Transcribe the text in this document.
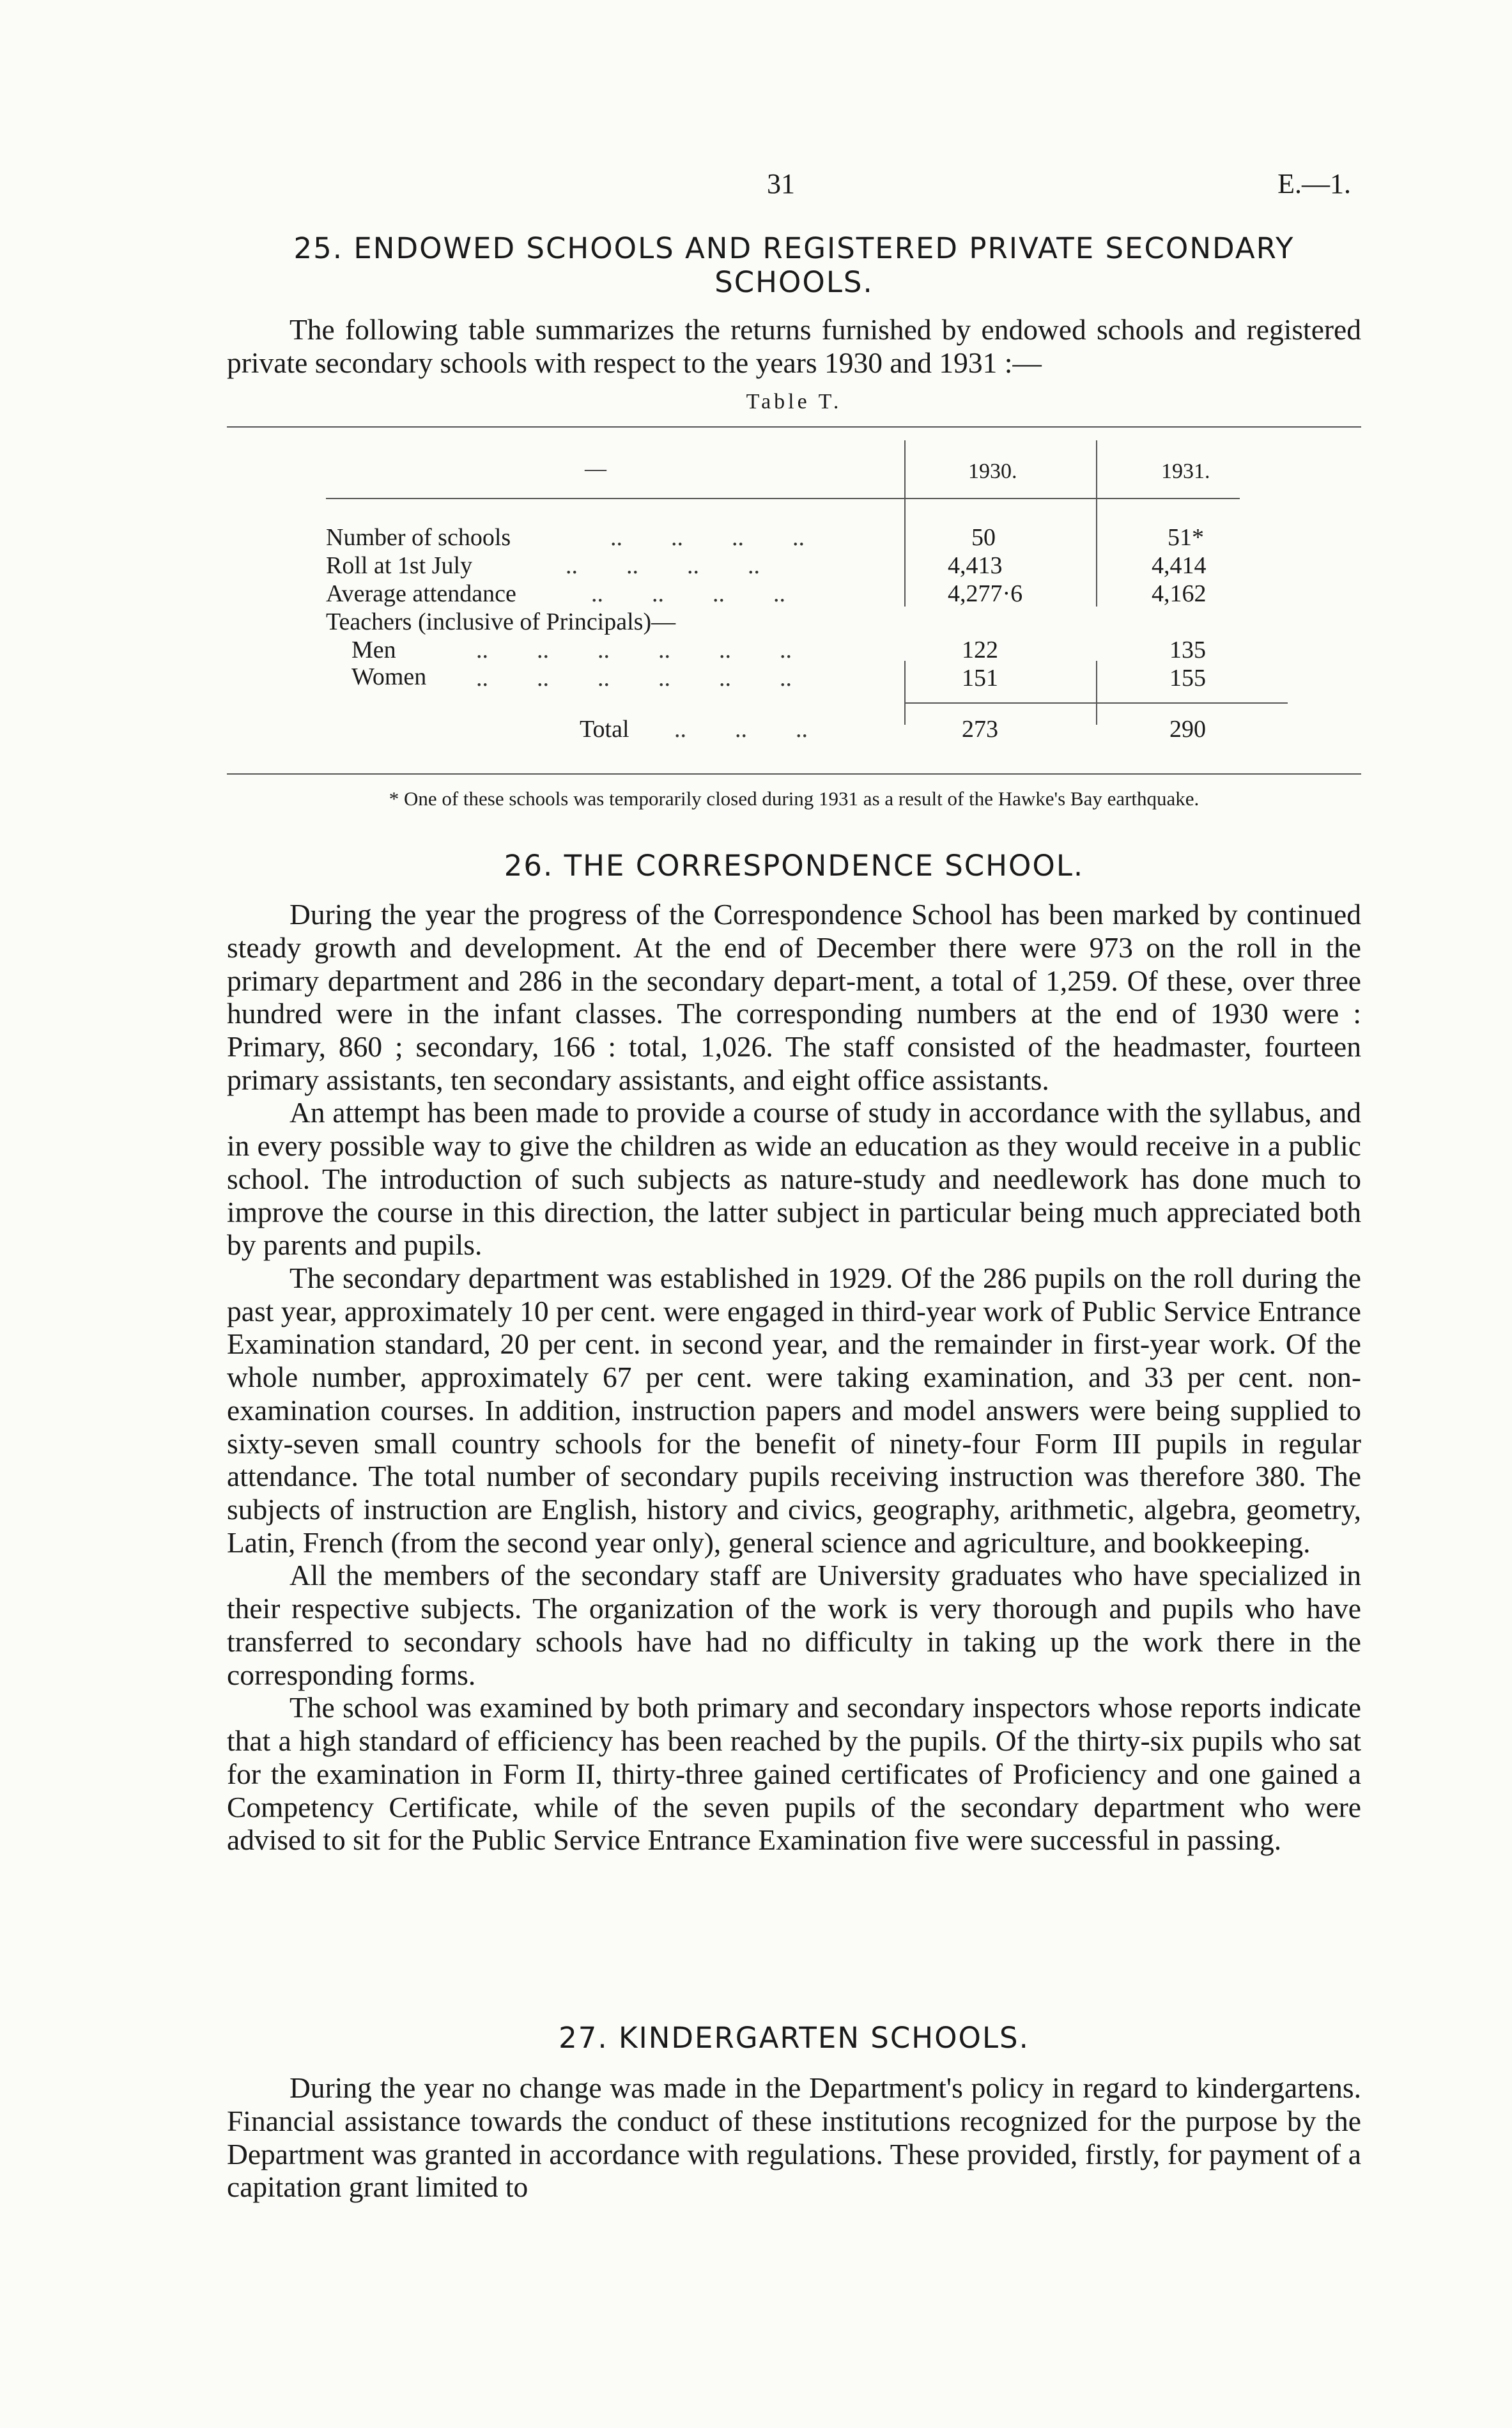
31	E.—1.

25. ENDOWED SCHOOLS AND REGISTERED PRIVATE SECONDARY
SCHOOLS.

The following table summarizes the returns furnished by endowed schools and registered private secondary schools with respect to the years 1930 and 1931 :—

Table T.
—	1930.	1931.
Number of schools	..        ..        ..        ..	50	51*
Roll at 1st July	..        ..        ..        ..	4,413	4,414
Average attendance	..        ..        ..        ..	4,277·6	4,162
Teachers (inclusive of Principals)—
Men	..        ..        ..        ..        ..        ..	122	135
Women ..        ..        ..        ..        ..        ..	151	155
Total ..        ..        ..	273	290
* One of these schools was temporarily closed during 1931 as a result of the Hawke's Bay earthquake.

26. THE CORRESPONDENCE SCHOOL.

During the year the progress of the Correspondence School has been marked by continued steady growth and development. At the end of December there were 973 on the roll in the primary department and 286 in the secondary depart-ment, a total of 1,259. Of these, over three hundred were in the infant classes. The corresponding numbers at the end of 1930 were : Primary, 860 ; secondary, 166 : total, 1,026. The staff consisted of the headmaster, fourteen primary assistants, ten secondary assistants, and eight office assistants.

An attempt has been made to provide a course of study in accordance with the syllabus, and in every possible way to give the children as wide an education as they would receive in a public school. The introduction of such subjects as nature-study and needlework has done much to improve the course in this direction, the latter subject in particular being much appreciated both by parents and pupils.

The secondary department was established in 1929. Of the 286 pupils on the roll during the past year, approximately 10 per cent. were engaged in third-year work of Public Service Entrance Examination standard, 20 per cent. in second year, and the remainder in first-year work. Of the whole number, approximately 67 per cent. were taking examination, and 33 per cent. non-examination courses. In addition, instruction papers and model answers were being supplied to sixty-seven small country schools for the benefit of ninety-four Form III pupils in regular attendance. The total number of secondary pupils receiving instruction was therefore 380. The subjects of instruction are English, history and civics, geography, arithmetic, algebra, geometry, Latin, French (from the second year only), general science and agriculture, and bookkeeping.

All the members of the secondary staff are University graduates who have specialized in their respective subjects. The organization of the work is very thorough and pupils who have transferred to secondary schools have had no difficulty in taking up the work there in the corresponding forms.

The school was examined by both primary and secondary inspectors whose reports indicate that a high standard of efficiency has been reached by the pupils. Of the thirty-six pupils who sat for the examination in Form II, thirty-three gained certificates of Proficiency and one gained a Competency Certificate, while of the seven pupils of the secondary department who were advised to sit for the Public Service Entrance Examination five were successful in passing.

27. KINDERGARTEN SCHOOLS.

During the year no change was made in the Department's policy in regard to kindergartens. Financial assistance towards the conduct of these institutions recognized for the purpose by the Department was granted in accordance with regulations. These provided, firstly, for payment of a capitation grant limited to
